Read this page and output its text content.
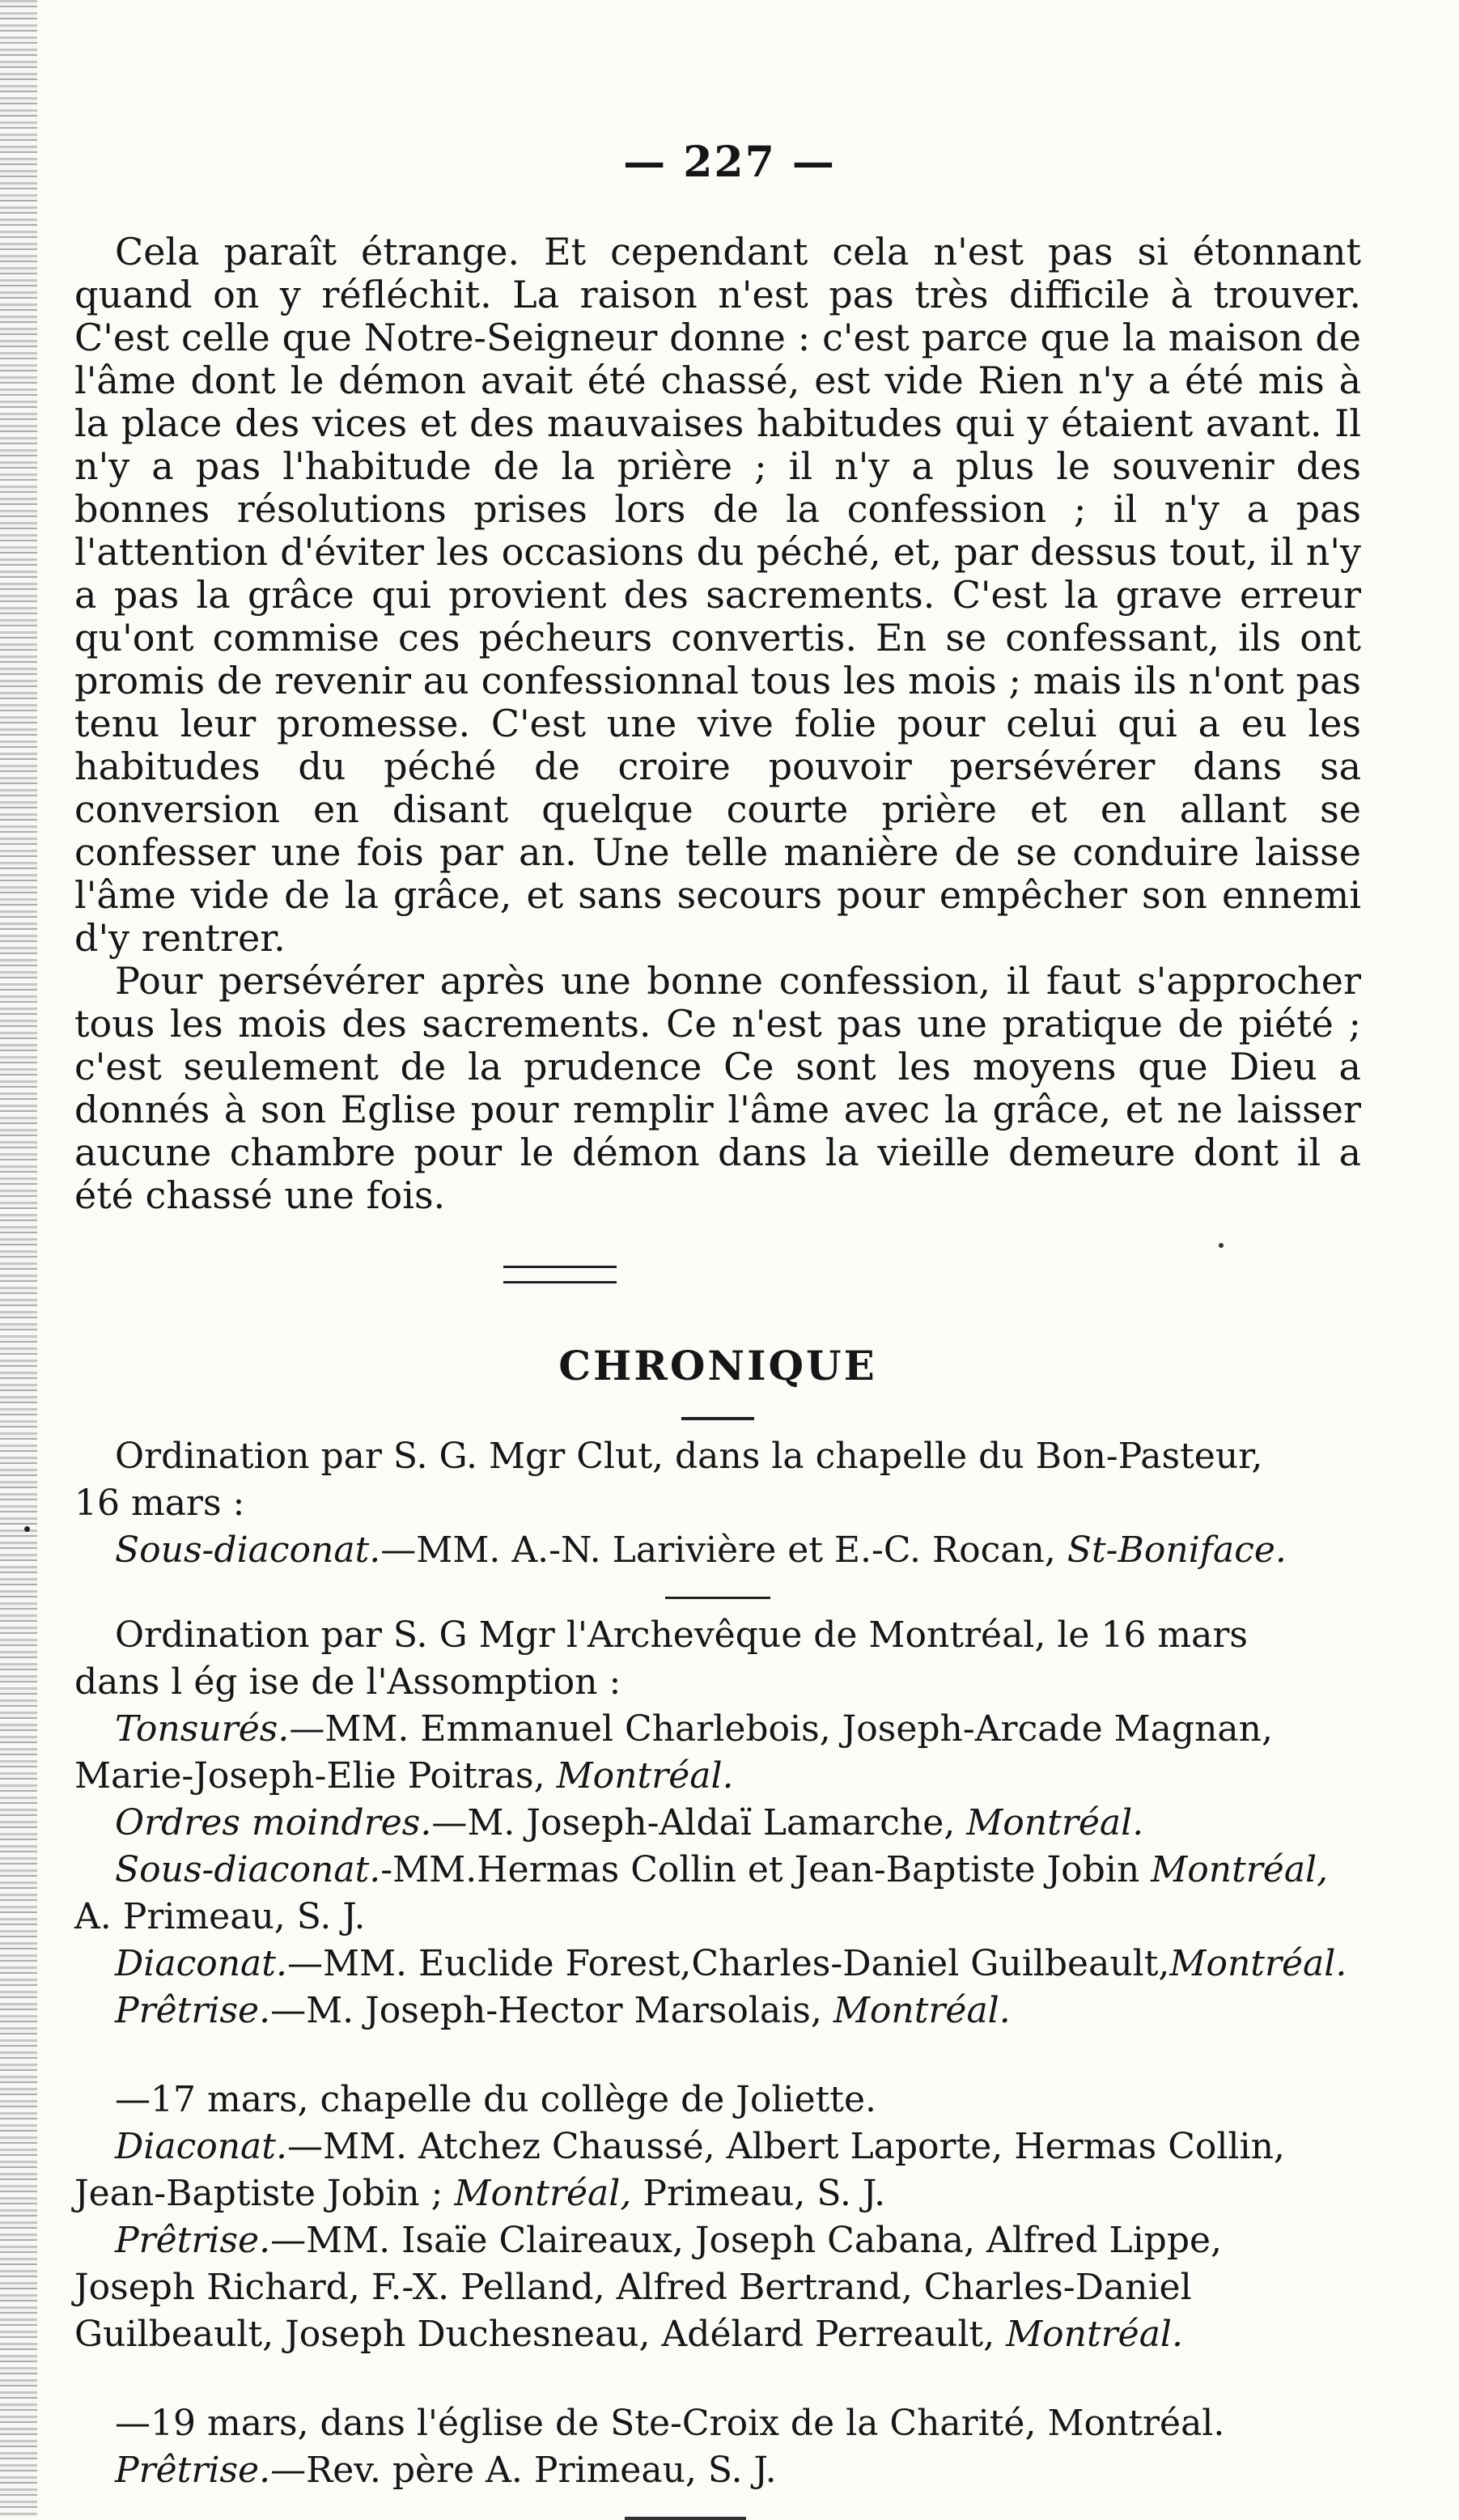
— 227 —

Cela paraît étrange. Et cependant cela n'est pas si étonnant quand on y réfléchit. La raison n'est pas très difficile à trouver. C'est celle que Notre-Seigneur donne : c'est parce que la maison de l'âme dont le démon avait été chassé, est vide Rien n'y a été mis à la place des vices et des mauvaises habitudes qui y étaient avant. Il n'y a pas l'habitude de la prière ; il n'y a plus le souvenir des bonnes résolutions prises lors de la confession ; il n'y a pas l'attention d'éviter les occasions du péché, et, par dessus tout, il n'y a pas la grâce qui provient des sacrements. C'est la grave erreur qu'ont commise ces pécheurs convertis. En se confessant, ils ont promis de revenir au confessionnal tous les mois ; mais ils n'ont pas tenu leur promesse. C'est une vive folie pour celui qui a eu les habitudes du péché de croire pouvoir persévérer dans sa conversion en disant quelque courte prière et en allant se confesser une fois par an. Une telle manière de se conduire laisse l'âme vide de la grâce, et sans secours pour empêcher son ennemi d'y rentrer.

Pour persévérer après une bonne confession, il faut s'approcher tous les mois des sacrements. Ce n'est pas une pratique de piété ; c'est seulement de la prudence Ce sont les moyens que Dieu a donnés à son Eglise pour remplir l'âme avec la grâce, et ne laisser aucune chambre pour le démon dans la vieille demeure dont il a été chassé une fois.

CHRONIQUE
Ordination par S. G. Mgr Clut, dans la chapelle du Bon-Pasteur,
16 mars :
Sous-diaconat.—MM. A.-N. Larivière et E.-C. Rocan, St-Boniface.
Ordination par S. G Mgr l'Archevêque de Montréal, le 16 mars
dans l ég ise de l'Assomption :
Tonsurés.—MM. Emmanuel Charlebois, Joseph-Arcade Magnan,
Marie-Joseph-Elie Poitras, Montréal.
Ordres moindres.—M. Joseph-Aldaï Lamarche, Montréal.
Sous-diaconat.-MM.Hermas Collin et Jean-Baptiste Jobin Montréal,
A. Primeau, S. J.
Diaconat.—MM. Euclide Forest,Charles-Daniel Guilbeault,Montréal.
Prêtrise.—M. Joseph-Hector Marsolais, Montréal.
—17 mars, chapelle du collège de Joliette.
Diaconat.—MM. Atchez Chaussé, Albert Laporte, Hermas Collin,
Jean-Baptiste Jobin ; Montréal, Primeau, S. J.
Prêtrise.—MM. Isaïe Claireaux, Joseph Cabana, Alfred Lippe,
Joseph Richard, F.-X. Pelland, Alfred Bertrand, Charles-Daniel
Guilbeault, Joseph Duchesneau, Adélard Perreault, Montréal.
—19 mars, dans l'église de Ste-Croix de la Charité, Montréal.
Prêtrise.—Rev. père A. Primeau, S. J.
